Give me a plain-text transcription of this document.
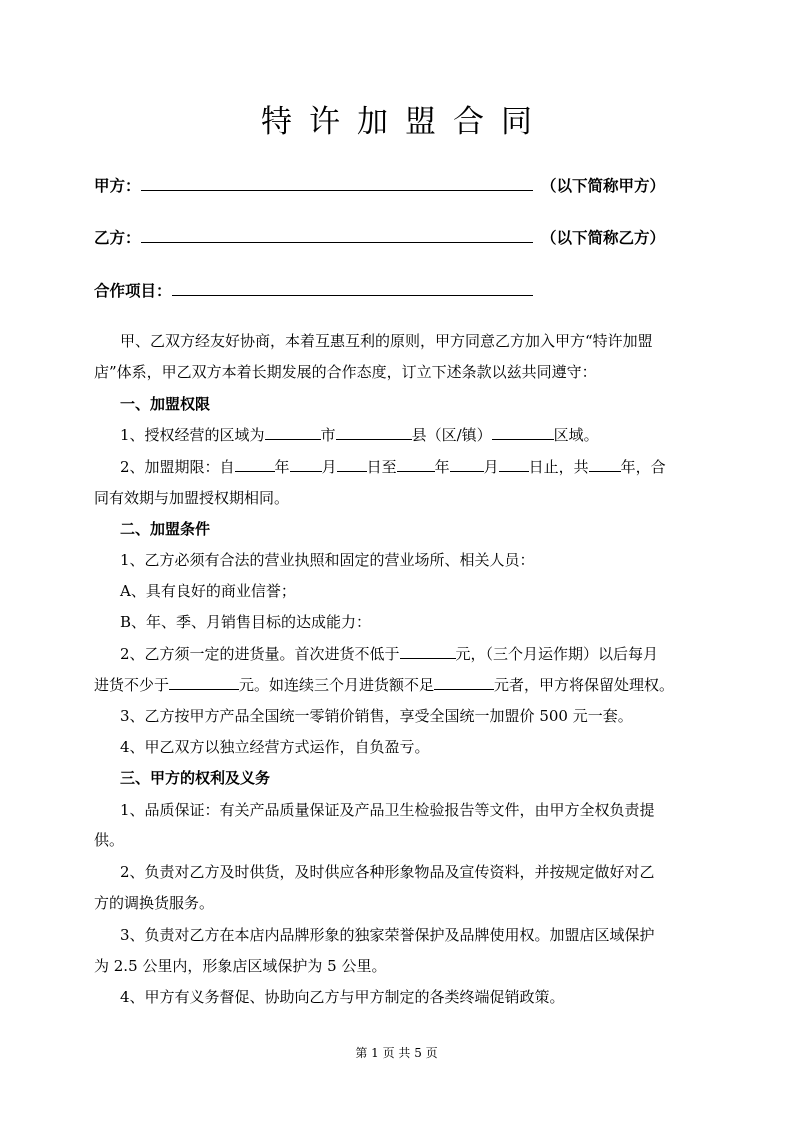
特许加盟合同
甲方：	（以下简称甲方）
乙方：	（以下简称乙方）
合作项目：
甲、乙双方经友好协商，本着互惠互利的原则，甲方同意乙方加入甲方“特许加盟
店”体系，甲乙双方本着长期发展的合作态度，订立下述条款以兹共同遵守：
一、加盟权限
1、授权经营的区域为	市	县（区/镇）	区域。
2、加盟期限：自	年 月 日至	年 月 日止，共 年，合
同有效期与加盟授权期相同。
二、加盟条件
1、乙方必须有合法的营业执照和固定的营业场所、相关人员：
A、具有良好的商业信誉；
B、年、季、月销售目标的达成能力：
2、乙方须一定的进货量。首次进货不低于	元，（三个月运作期）以后每月
进货不少于	元。如连续三个月进货额不足	元者，甲方将保留处理权。
3、乙方按甲方产品全国统一零销价销售，享受全国统一加盟价 500 元一套。
4、甲乙双方以独立经营方式运作，自负盈亏。
三、甲方的权利及义务
1、品质保证：有关产品质量保证及产品卫生检验报告等文件，由甲方全权负责提
供。
2、负责对乙方及时供货，及时供应各种形象物品及宣传资料，并按规定做好对乙
方的调换货服务。
3、负责对乙方在本店内品牌形象的独家荣誉保护及品牌使用权。加盟店区域保护
为 2.5 公里内，形象店区域保护为 5 公里。
4、甲方有义务督促、协助向乙方与甲方制定的各类终端促销政策。
第 1 页 共 5 页
